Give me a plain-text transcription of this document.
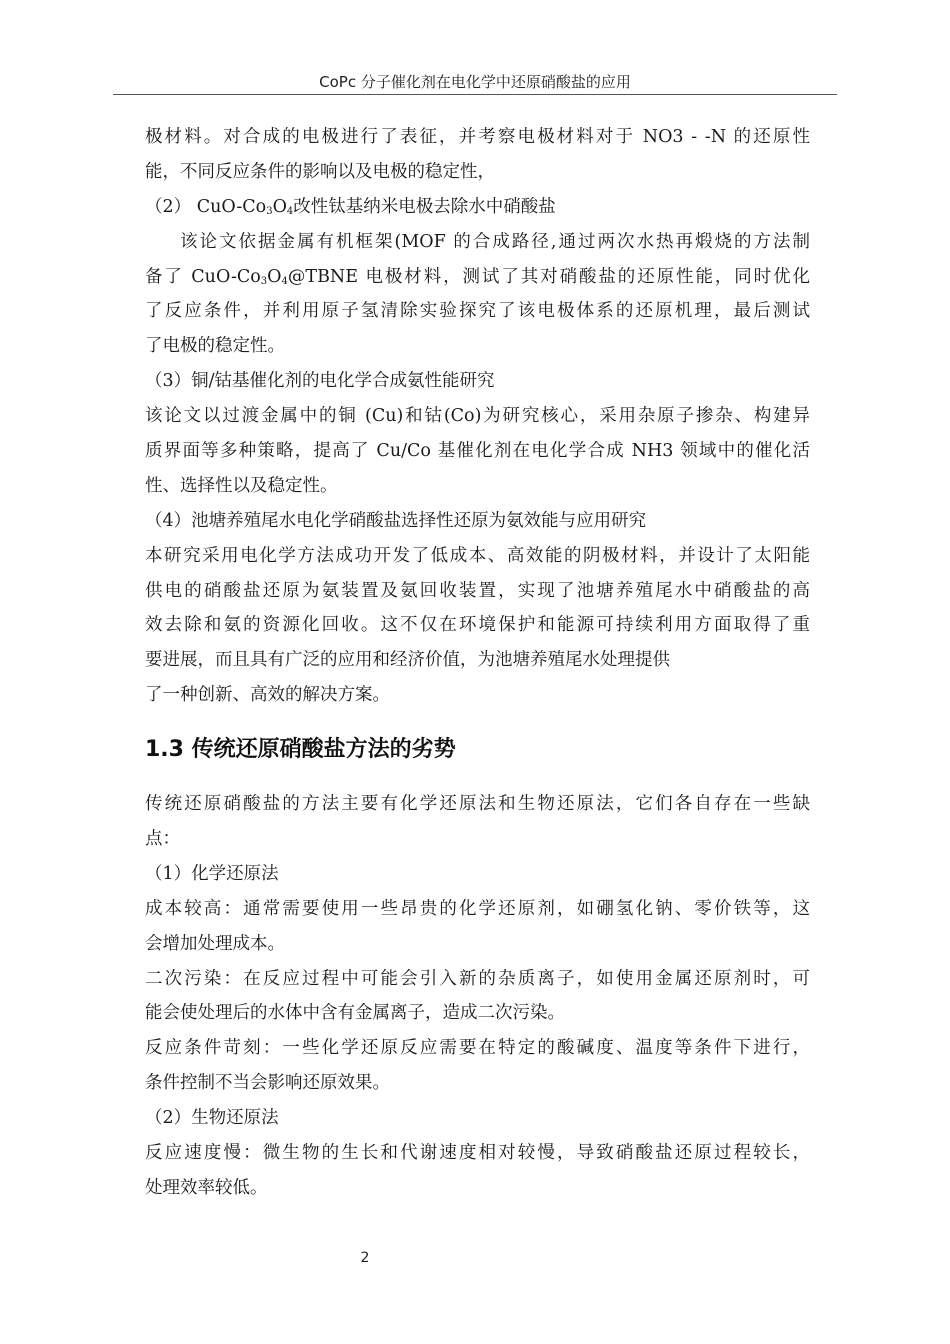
CoPc 分子催化剂在电化学中还原硝酸盐的应用

极材料。对合成的电极进行了表征，并考察电极材料对于 NO3 - -N 的还原性

能，不同反应条件的影响以及电极的稳定性，

（2） CuO-$Co_3O_4$改性钛基纳米电极去除水中硝酸盐

该论文依据金属有机框架(MOF 的合成路径,通过两次水热再煅烧的方法制

备了 CuO-$Co_3O_4@TBNE$ 电极材料，测试了其对硝酸盐的还原性能，同时优化

了反应条件，并利用原子氢清除实验探究了该电极体系的还原机理，最后测试

了电极的稳定性。

（3）铜/钴基催化剂的电化学合成氨性能研究

该论文以过渡金属中的铜 (Cu)和钴(Co)为研究核心，采用杂原子掺杂、构建异

质界面等多种策略，提高了 Cu/Co 基催化剂在电化学合成 NH3 领域中的催化活

性、选择性以及稳定性。

（4）池塘养殖尾水电化学硝酸盐选择性还原为氨效能与应用研究

本研究采用电化学方法成功开发了低成本、高效能的阴极材料，并设计了太阳能

供电的硝酸盐还原为氨装置及氨回收装置，实现了池塘养殖尾水中硝酸盐的高

效去除和氨的资源化回收。这不仅在环境保护和能源可持续利用方面取得了重

要进展，而且具有广泛的应用和经济价值，为池塘养殖尾水处理提供

了一种创新、高效的解决方案。

1.3 传统还原硝酸盐方法的劣势

传统还原硝酸盐的方法主要有化学还原法和生物还原法，它们各自存在一些缺

点：

（1）化学还原法

成本较高：通常需要使用一些昂贵的化学还原剂，如硼氢化钠、零价铁等，这

会增加处理成本。

二次污染：在反应过程中可能会引入新的杂质离子，如使用金属还原剂时，可

能会使处理后的水体中含有金属离子，造成二次污染。

反应条件苛刻：一些化学还原反应需要在特定的酸碱度、温度等条件下进行，

条件控制不当会影响还原效果。

（2）生物还原法

反应速度慢：微生物的生长和代谢速度相对较慢，导致硝酸盐还原过程较长，

处理效率较低。

2
